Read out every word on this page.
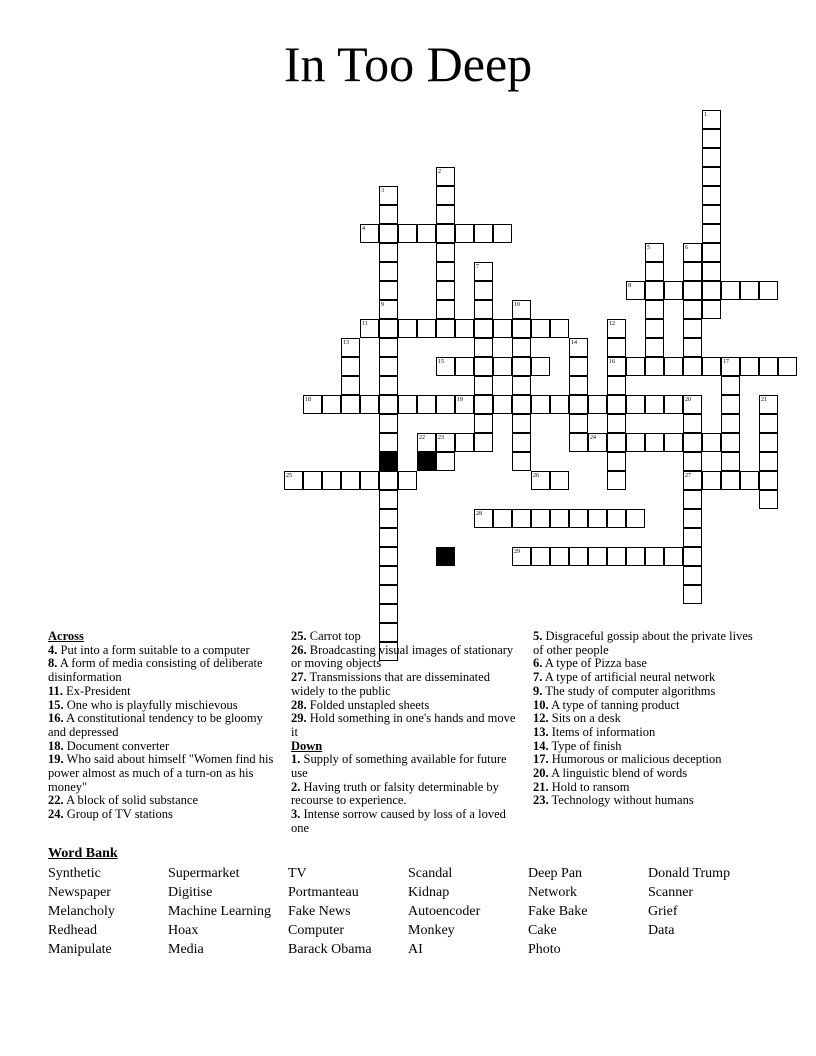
In Too Deep
1
2
3
4
5	6
7
8
9	10
11	12
13	14
15	16	17
18	19	20	21
22 23	24
25	26	27
28
29
Across
4. Put into a form suitable to a computer
8. A form of media consisting of deliberate disinformation
11. Ex-President
15. One who is playfully mischievous
16. A constitutional tendency to be gloomy and depressed
18. Document converter
19. Who said about himself "Women find his power almost as much of a turn-on as his money"
22. A block of solid substance
24. Group of TV stations
25. Carrot top
26. Broadcasting visual images of stationary or moving objects
27. Transmissions that are disseminated widely to the public
28. Folded unstapled sheets
29. Hold something in one's hands and move it
Down
1. Supply of something available for future use
2. Having truth or falsity determinable by recourse to experience.
3. Intense sorrow caused by loss of a loved one
5. Disgraceful gossip about the private lives of other people
6. A type of Pizza base
7. A type of artificial neural network
9. The study of computer algorithms
10. A type of tanning product
12. Sits on a desk
13. Items of information
14. Type of finish
17. Humorous or malicious deception
20. A linguistic blend of words
21. Hold to ransom
23. Technology without humans
Word Bank
Synthetic	Supermarket	TV	Scandal	Deep Pan	Donald Trump
Newspaper	Digitise	Portmanteau	Kidnap	Network	Scanner
Melancholy	Machine Learning	Fake News	Autoencoder	Fake Bake	Grief
Redhead	Hoax	Computer	Monkey	Cake	Data
Manipulate	Media	Barack Obama	AI	Photo
